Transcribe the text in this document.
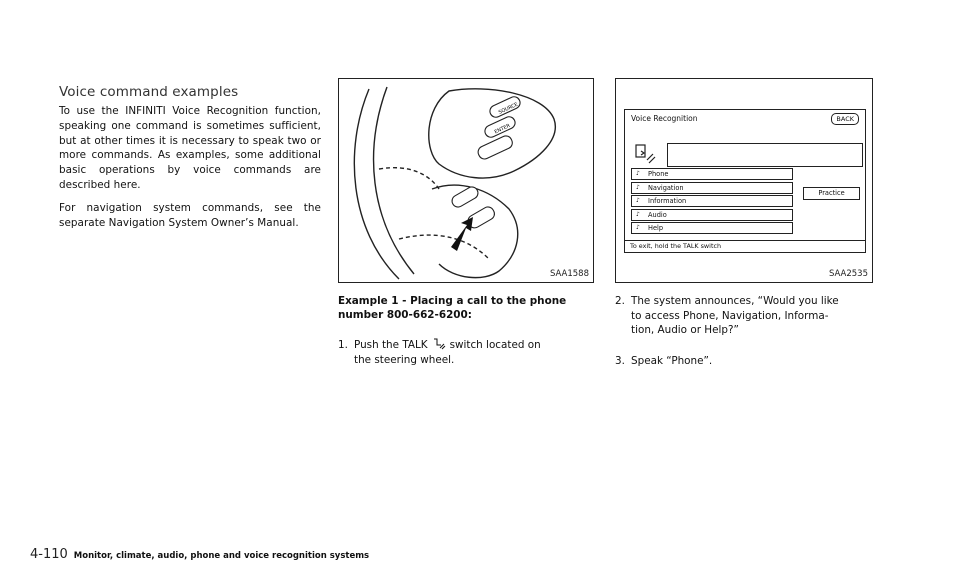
Voice command examples
To use the INFINITI Voice Recognition function, speaking one command is sometimes sufficient, but at other times it is necessary to speak two or more commands. As examples, some additional basic operations by voice commands are described here.
For navigation system commands, see the separate Navigation System Owner’s Manual.
SOURCE
ENTER
SAA1588
Example 1 - Placing a call to the phone number 800-662-6200:
1. Push the TALK switch located on
the steering wheel.
Voice Recognition	BACK
♪ Phone
♪ Navigation
♪ Information
♪ Audio
♪ Help
Practice
To exit, hold the TALK switch
SAA2535
2. The system announces, “Would you like
to access Phone, Navigation, Informa-
tion, Audio or Help?”
3. Speak “Phone”.
4-110 Monitor, climate, audio, phone and voice recognition systems
